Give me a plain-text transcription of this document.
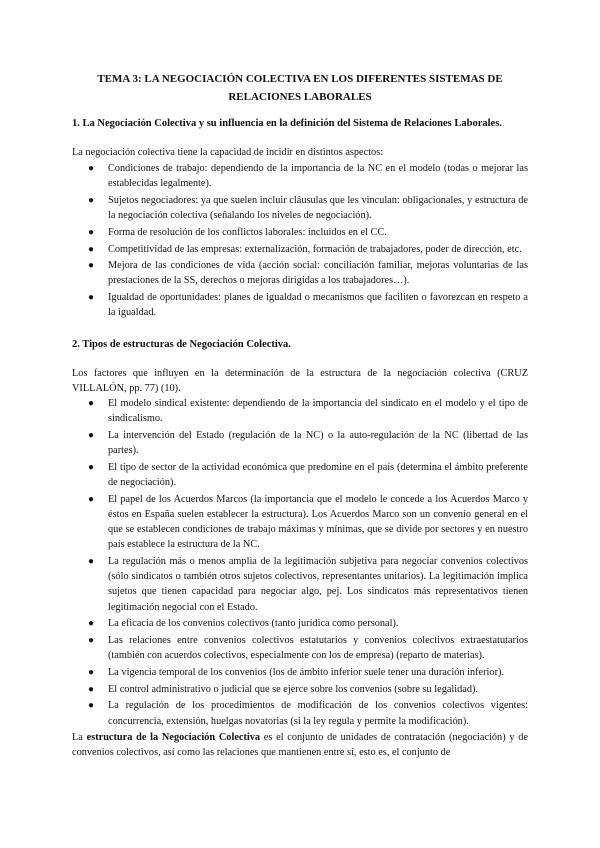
TEMA 3: LA NEGOCIACIÓN COLECTIVA EN LOS DIFERENTES SISTEMAS DE RELACIONES LABORALES
1. La Negociación Colectiva y su influencia en la definición del Sistema de Relaciones Laborales.
La negociación colectiva tiene la capacidad de incidir en distintos aspectos:
● Condiciones de trabajo: dependiendo de la importancia de la NC en el modelo (todas o mejorar las establecidas legalmente).
● Sujetos negociadores: ya que suelen incluir cláusulas que les vinculan: obligacionales, y estructura de la negociación colectiva (señalando los niveles de negociación).
● Forma de resolución de los conflictos laborales: incluidos en el CC.
● Competitividad de las empresas: externalización, formación de trabajadores, poder de dirección, etc.
● Mejora de las condiciones de vida (acción social: conciliación familiar, mejoras voluntarias de las prestaciones de la SS, derechos o mejoras dirigidas a los trabajadores…).
● Igualdad de oportunidades: planes de igualdad o mecanismos que faciliten o favorezcan en respeto a la igualdad.
2. Tipos de estructuras de Negociación Colectiva.
Los factores que influyen en la determinación de la estructura de la negociación colectiva (CRUZ VILLALÓN, pp. 77) (10).
● El modelo sindical existente: dependiendo de la importancia del sindicato en el modelo y el tipo de sindicalismo.
● La intervención del Estado (regulación de la NC) o la auto-regulación de la NC (libertad de las partes).
● El tipo de sector de la actividad económica que predomine en el país (determina el ámbito preferente de negociación).
● El papel de los Acuerdos Marcos (la importancia que el modelo le concede a los Acuerdos Marco y éstos en España suelen establecer la estructura). Los Acuerdos Marco son un convenio general en el que se establecen condiciones de trabajo máximas y mínimas, que se divide por sectores y en nuestro país establece la estructura de la NC.
● La regulación más o menos amplia de la legitimación subjetiva para negociar convenios colectivos (sólo sindicatos o también otros sujetos colectivos, representantes unitarios). La legitimación implica sujetos que tienen capacidad para negociar algo, pej. Los sindicatos más representativos tienen legitimación negocial con el Estado.
● La eficacia de los convenios colectivos (tanto jurídica como personal).
● Las relaciones entre convenios colectivos estatutarios y convenios colectivos extraestatutarios (también con acuerdos colectivos, especialmente con los de empresa) (reparto de materias).
● La vigencia temporal de los convenios (los de ámbito inferior suele tener una duración inferior).
● El control administrativo o judicial que se ejerce sobre los convenios (sobre su legalidad).
● La regulación de los procedimientos de modificación de los convenios colectivos vigentes: concurrencia, extensión, huelgas novatorias (si la ley regula y permite la modificación).
La estructura de la Negociación Colectiva es el conjunto de unidades de contratación (negociación) y de convenios colectivos, así como las relaciones que mantienen entre sí, esto es, el conjunto de
